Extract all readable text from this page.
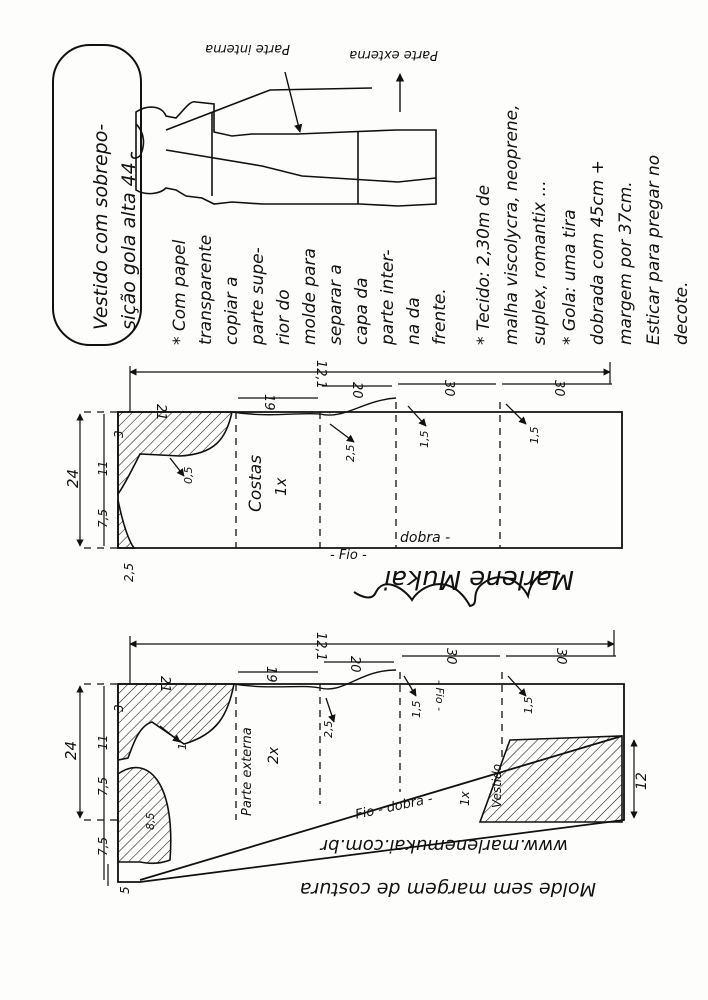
Vestido com sobrepo- sição gola alta 44
Parte interna	Parte externa
* Com papel transparente copiar a parte supe- rior do molde para separar a capa da parte inter- na da frente. * Tecido: 2,30m de malha viscolycra, neoprene, suplex, romantix ... * Gola: uma tira dobrada com 45cm + margem por 37cm. Esticar para pregar no decote.
21
19
12,1
20	30	30
24
3
11
7,5
2,5
0,5
2,5
1,5	1,5
Costas 1x
- Fio -
dobra -
Marlene Mukai
21
19
12,1
20	30	30
24
3
11
7,5
7,5
5
1
2,5
1,5	1,5
8,5
Parte externa 2x
Fio - dobra -
- Fio -
1x Vestido	12
www.marlenemukai.com.br
Molde sem margem de costura
